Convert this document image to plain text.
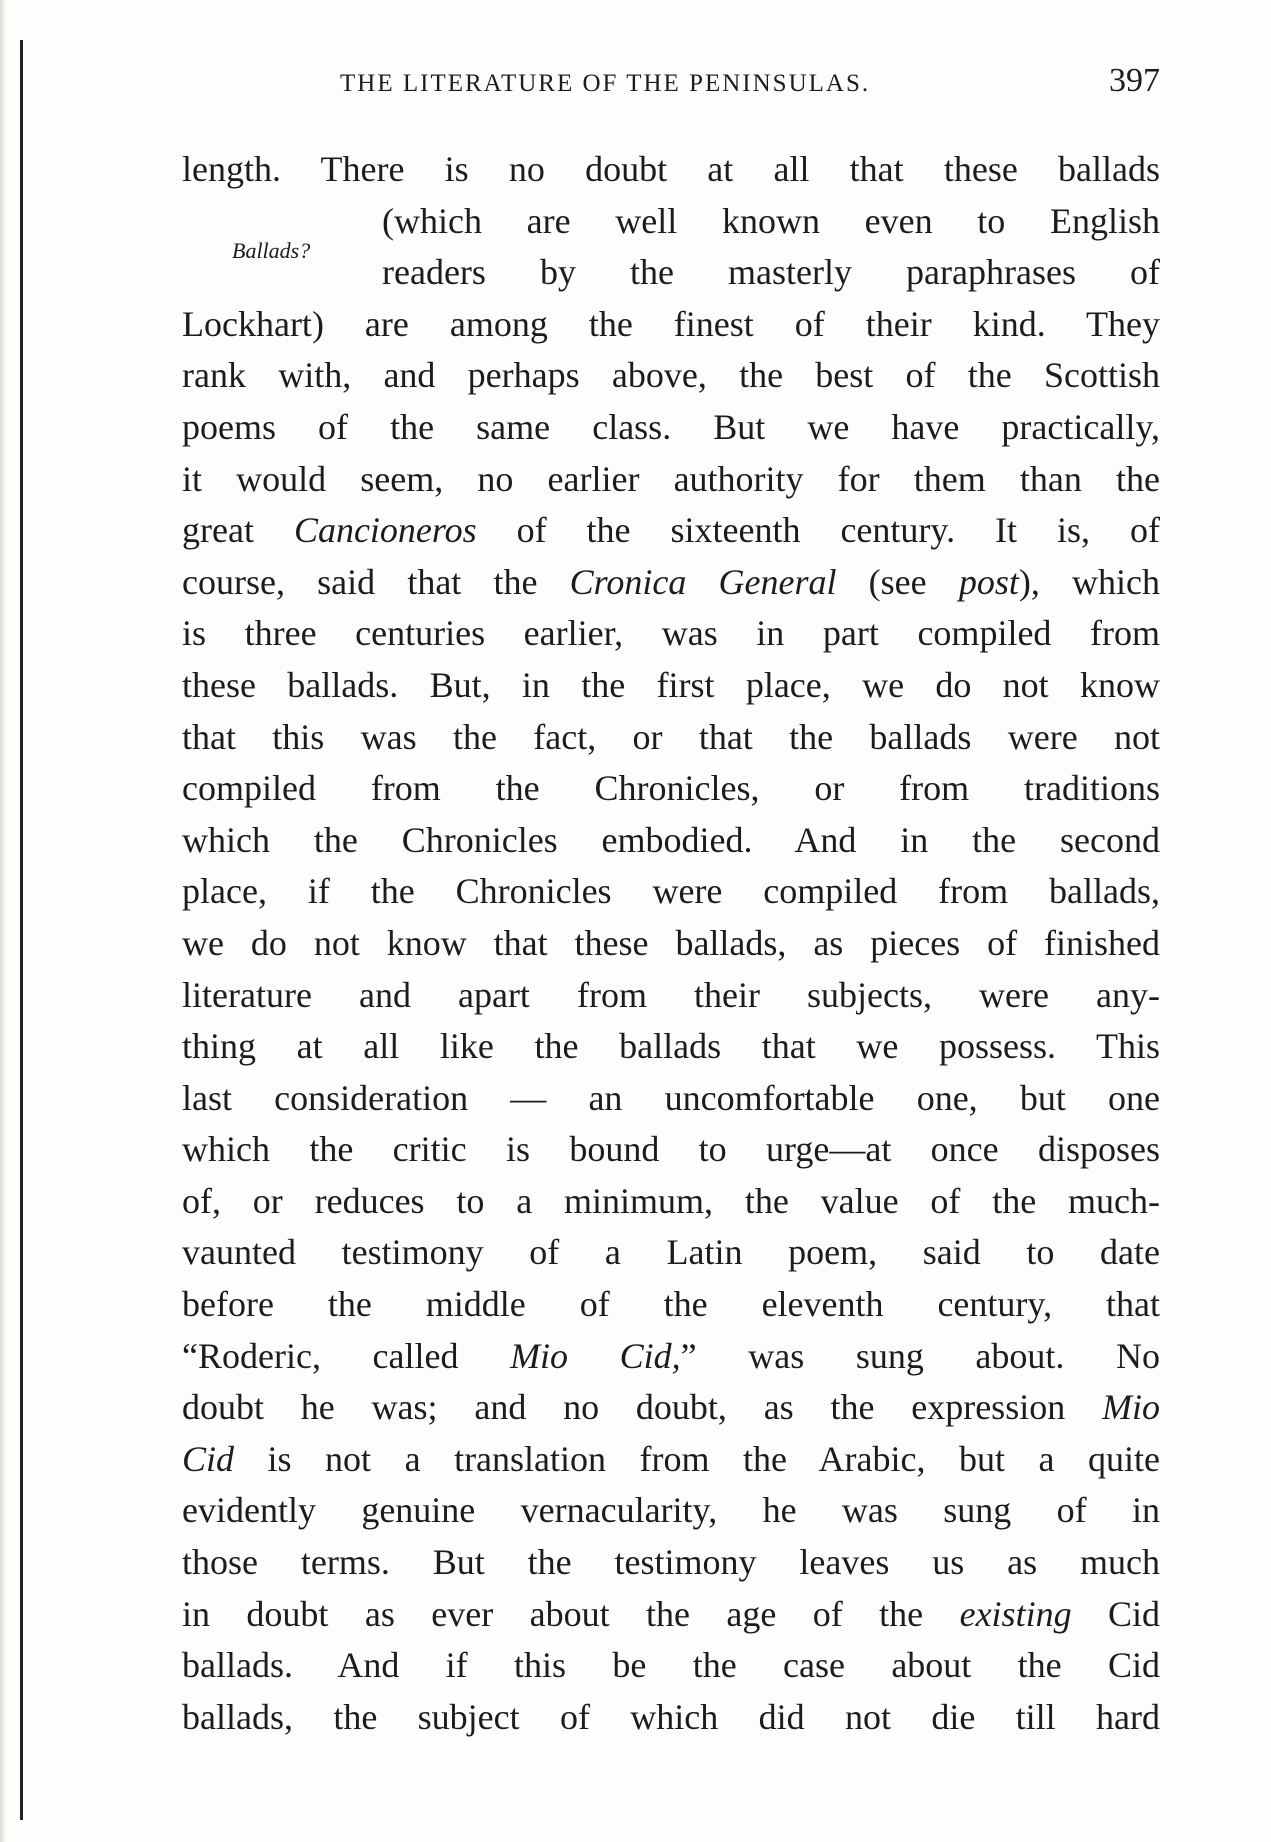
THE LITERATURE OF THE PENINSULAS.	397
Ballads?
length. There is no doubt at all that these ballads
(which are well known even to English
readers by the masterly paraphrases of
Lockhart) are among the finest of their kind. They
rank with, and perhaps above, the best of the Scottish
poems of the same class. But we have practically,
it would seem, no earlier authority for them than the
great Cancioneros of the sixteenth century. It is, of
course, said that the Cronica General (see post), which
is three centuries earlier, was in part compiled from
these ballads. But, in the first place, we do not know
that this was the fact, or that the ballads were not
compiled from the Chronicles, or from traditions
which the Chronicles embodied. And in the second
place, if the Chronicles were compiled from ballads,
we do not know that these ballads, as pieces of finished
literature and apart from their subjects, were any-
thing at all like the ballads that we possess. This
last consideration — an uncomfortable one, but one
which the critic is bound to urge—at once disposes
of, or reduces to a minimum, the value of the much-
vaunted testimony of a Latin poem, said to date
before the middle of the eleventh century, that
“Roderic, called Mio Cid,” was sung about. No
doubt he was; and no doubt, as the expression Mio
Cid is not a translation from the Arabic, but a quite
evidently genuine vernacularity, he was sung of in
those terms. But the testimony leaves us as much
in doubt as ever about the age of the existing Cid
ballads. And if this be the case about the Cid
ballads, the subject of which did not die till hard
